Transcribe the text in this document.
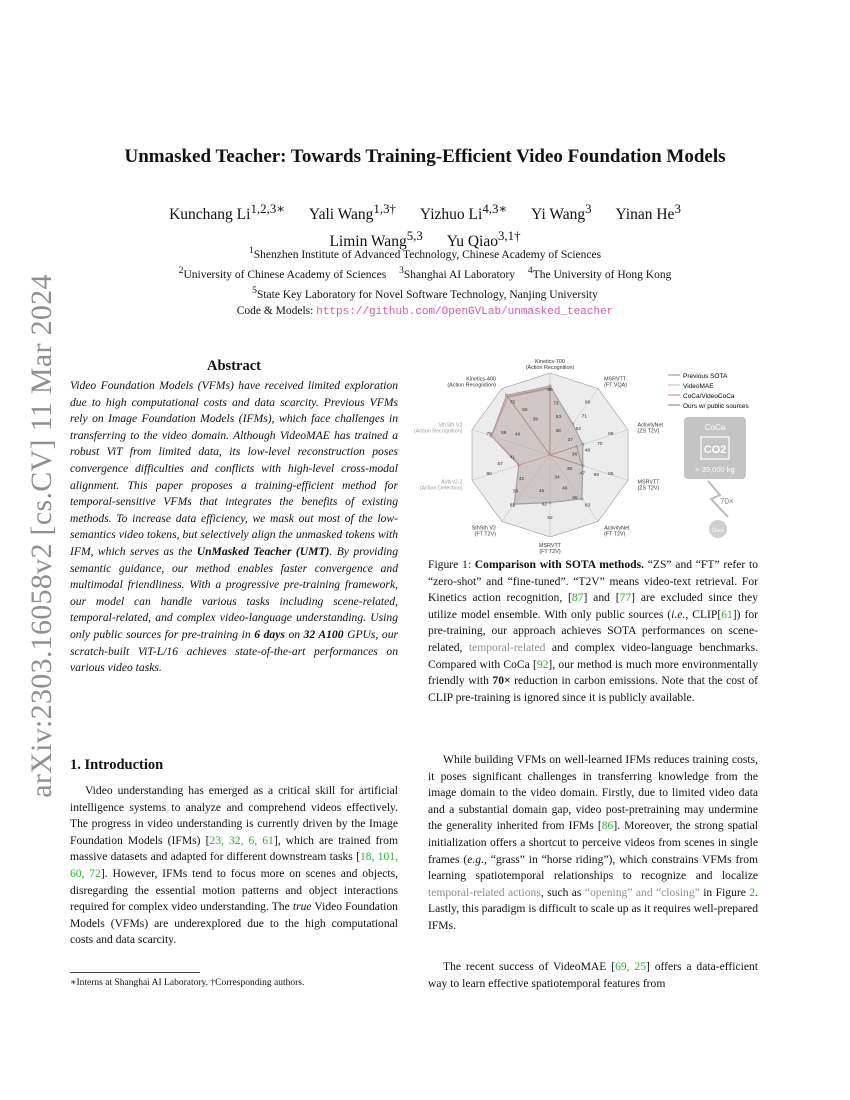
arXiv:2303.16058v2 [cs.CV] 11 Mar 2024
Unmasked Teacher: Towards Training-Efficient Video Foundation Models
Kunchang $Li^{1,2,3∗}$ Yali Wang$^{1,3\dagger}$ Yizhuo $Li^{4,3∗}$ Yi Wang$^3$ Yinan He$^3$
Limin Wang$^{5,3}$ Yu Qiao$^{3,1\dagger}$
$^1$Shenzhen Institute of Advanced Technology, Chinese Academy of Sciences
$^2$University of Chinese Academy of Sciences $^3$Shanghai AI Laboratory $^4$The University of Hong Kong
$^5$State Key Laboratory for Novel Software Technology, Nanjing University
Code & Models: https://github.com/OpenGVLab/unmasked_teacher
Abstract

Video Foundation Models (VFMs) have received limited exploration due to high computational costs and data scarcity. Previous VFMs rely on Image Foundation Models (IFMs), which face challenges in transferring to the video domain. Although VideoMAE has trained a robust ViT from limited data, its low-level reconstruction poses convergence difficulties and conflicts with high-level cross-modal alignment. This paper proposes a training-efficient method for temporal-sensitive VFMs that integrates the benefits of existing methods. To increase data efficiency, we mask out most of the low-semantics video tokens, but selectively align the unmasked tokens with IFM, which serves as the UnMasked Teacher (UMT). By providing semantic guidance, our method enables faster convergence and multimodal friendliness. With a progressive pre-training framework, our model can handle various tasks including scene-related, temporal-related, and complex video-language understanding. Using only public sources for pre-training in 6 days on 32 A100 GPUs, our scratch-built ViT-L/16 achieves state-of-the-art performances on various video tasks.

1. Introduction

Video understanding has emerged as a critical skill for artificial intelligence systems to analyze and comprehend videos effectively. The progress in video understanding is currently driven by the Image Foundation Models (IFMs) [23, 32, 6, 61], which are trained from massive datasets and adapted for different downstream tasks [18, 101, 60, 72]. However, IFMs tend to focus more on scenes and objects, disregarding the essential motion patterns and object interactions required for complex video understanding. The true Video Foundation Models (VFMs) are underexplored due to the high computational costs and data scarcity.

∗Interns at Shanghai AI Laboratory. †Corresponding authors.
Kinetics-700 (Action Recognition)
MSRVTT (FT VQA)
ActivityNet (ZS T2V)
MSRVTT (ZS T2V)
ActivityNet (FT T2V)
MSRVTT (FT T2V)
SthSth V2 (FT T2V)
AVA v2.2 (Action Detection)
SthSth V2 (Action Recognition)
Kinetics-400 (Action Recognition)
89
90
88
85
83
82
81
80
78
75	73
71
70
69
65
62
58
57
56
55
53
52
48
47
46
45
42
41
40
39
38
37
36
35
34
Previous SOTA
VideoMAE
CoCa/VideoCoCa
Ours w/ public sources
CoCa
CO2
> 39,000 kg
70×
Ours

Figure 1: Comparison with SOTA methods. “ZS” and “FT” refer to “zero-shot” and “fine-tuned”. “T2V” means video-text retrieval. For Kinetics action recognition, [87] and [77] are excluded since they utilize model ensemble. With only public sources (i.e., CLIP[61]) for pre-training, our approach achieves SOTA performances on scene-related, temporal-related and complex video-language benchmarks. Compared with CoCa [92], our method is much more environmentally friendly with 70× reduction in carbon emissions. Note that the cost of CLIP pre-training is ignored since it is publicly available.

While building VFMs on well-learned IFMs reduces training costs, it poses significant challenges in transferring knowledge from the image domain to the video domain. Firstly, due to limited video data and a substantial domain gap, video post-pretraining may undermine the generality inherited from IFMs [86]. Moreover, the strong spatial initialization offers a shortcut to perceive videos from scenes in single frames (e.g., “grass” in “horse riding”), which constrains VFMs from learning spatiotemporal relationships to recognize and localize temporal-related actions, such as “opening” and “closing” in Figure 2. Lastly, this paradigm is difficult to scale up as it requires well-prepared IFMs.

The recent success of VideoMAE [69, 25] offers a data-efficient way to learn effective spatiotemporal features from
